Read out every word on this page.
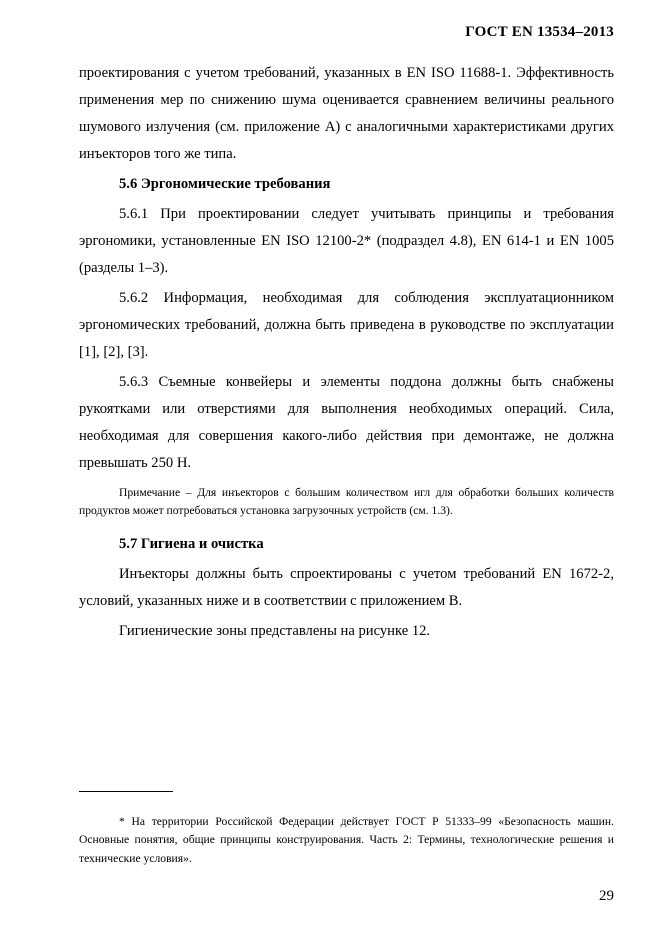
ГОСТ EN 13534–2013

проектирования с учетом требований, указанных в EN ISO 11688-1. Эффективность применения мер по снижению шума оценивается сравнением величины реального шумового излучения (см. приложение А) с аналогичными характеристиками других инъекторов того же типа.

5.6 Эргономические требования

5.6.1 При проектировании следует учитывать принципы и требования эргономики, установленные EN ISO 12100-2* (подраздел 4.8), EN 614-1 и EN 1005 (разделы 1–3).

5.6.2 Информация, необходимая для соблюдения эксплуатационником эргономических требований, должна быть приведена в руководстве по эксплуатации [1], [2], [3].

5.6.3 Съемные конвейеры и элементы поддона должны быть снабжены рукоятками или отверстиями для выполнения необходимых операций. Сила, необходимая для совершения какого-либо действия при демонтаже, не должна превышать 250 Н.

Примечание – Для инъекторов с большим количеством игл для обработки больших количеств продуктов может потребоваться установка загрузочных устройств (см. 1.3).

5.7 Гигиена и очистка

Инъекторы должны быть спроектированы с учетом требований EN 1672-2, условий, указанных ниже и в соответствии с приложением В.

Гигиенические зоны представлены на рисунке 12.

* На территории Российской Федерации действует ГОСТ Р 51333–99 «Безопасность машин. Основные понятия, общие принципы конструирования. Часть 2: Термины, технологические решения и технические условия».

29
